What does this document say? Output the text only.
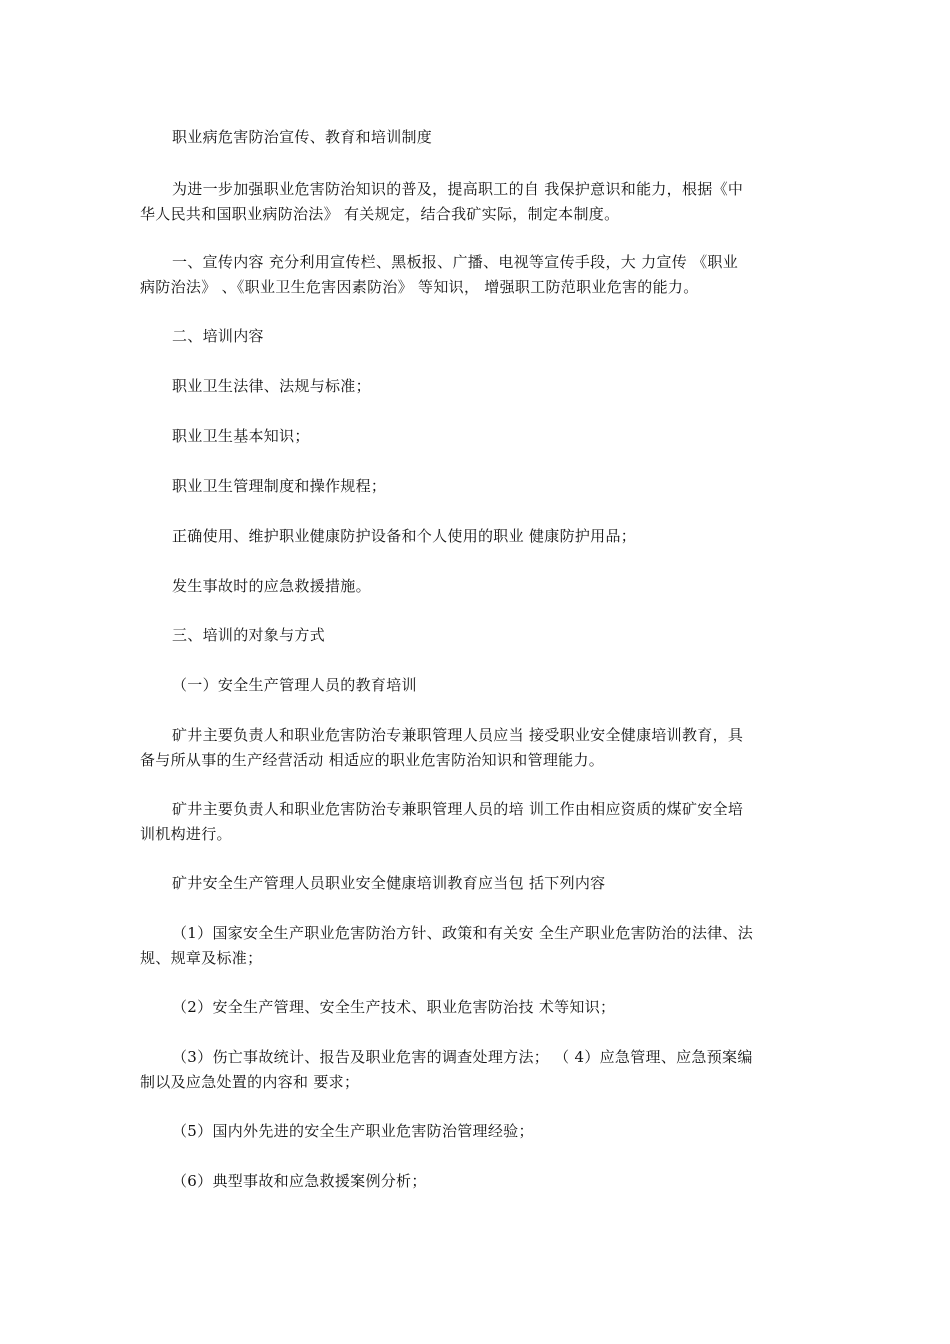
职业病危害防治宣传、教育和培训制度
为进一步加强职业危害防治知识的普及，提高职工的自 我保护意识和能力，根据《中
华人民共和国职业病防治法》 有关规定，结合我矿实际，制定本制度。
一、宣传内容 充分利用宣传栏、黑板报、广播、电视等宣传手段，大 力宣传 《职业
病防治法》 、《职业卫生危害因素防治》 等知识， 增强职工防范职业危害的能力。
二、培训内容
职业卫生法律、法规与标准；
职业卫生基本知识；
职业卫生管理制度和操作规程；
正确使用、维护职业健康防护设备和个人使用的职业 健康防护用品；
发生事故时的应急救援措施。
三、培训的对象与方式
（一）安全生产管理人员的教育培训
矿井主要负责人和职业危害防治专兼职管理人员应当 接受职业安全健康培训教育，具
备与所从事的生产经营活动 相适应的职业危害防治知识和管理能力。
矿井主要负责人和职业危害防治专兼职管理人员的培 训工作由相应资质的煤矿安全培
训机构进行。
矿井安全生产管理人员职业安全健康培训教育应当包 括下列内容
（1）国家安全生产职业危害防治方针、政策和有关安 全生产职业危害防治的法律、法
规、规章及标准；
（2）安全生产管理、安全生产技术、职业危害防治技 术等知识；
（3）伤亡事故统计、报告及职业危害的调查处理方法； （ 4）应急管理、应急预案编
制以及应急处置的内容和 要求；
（5）国内外先进的安全生产职业危害防治管理经验；
（6）典型事故和应急救援案例分析；
